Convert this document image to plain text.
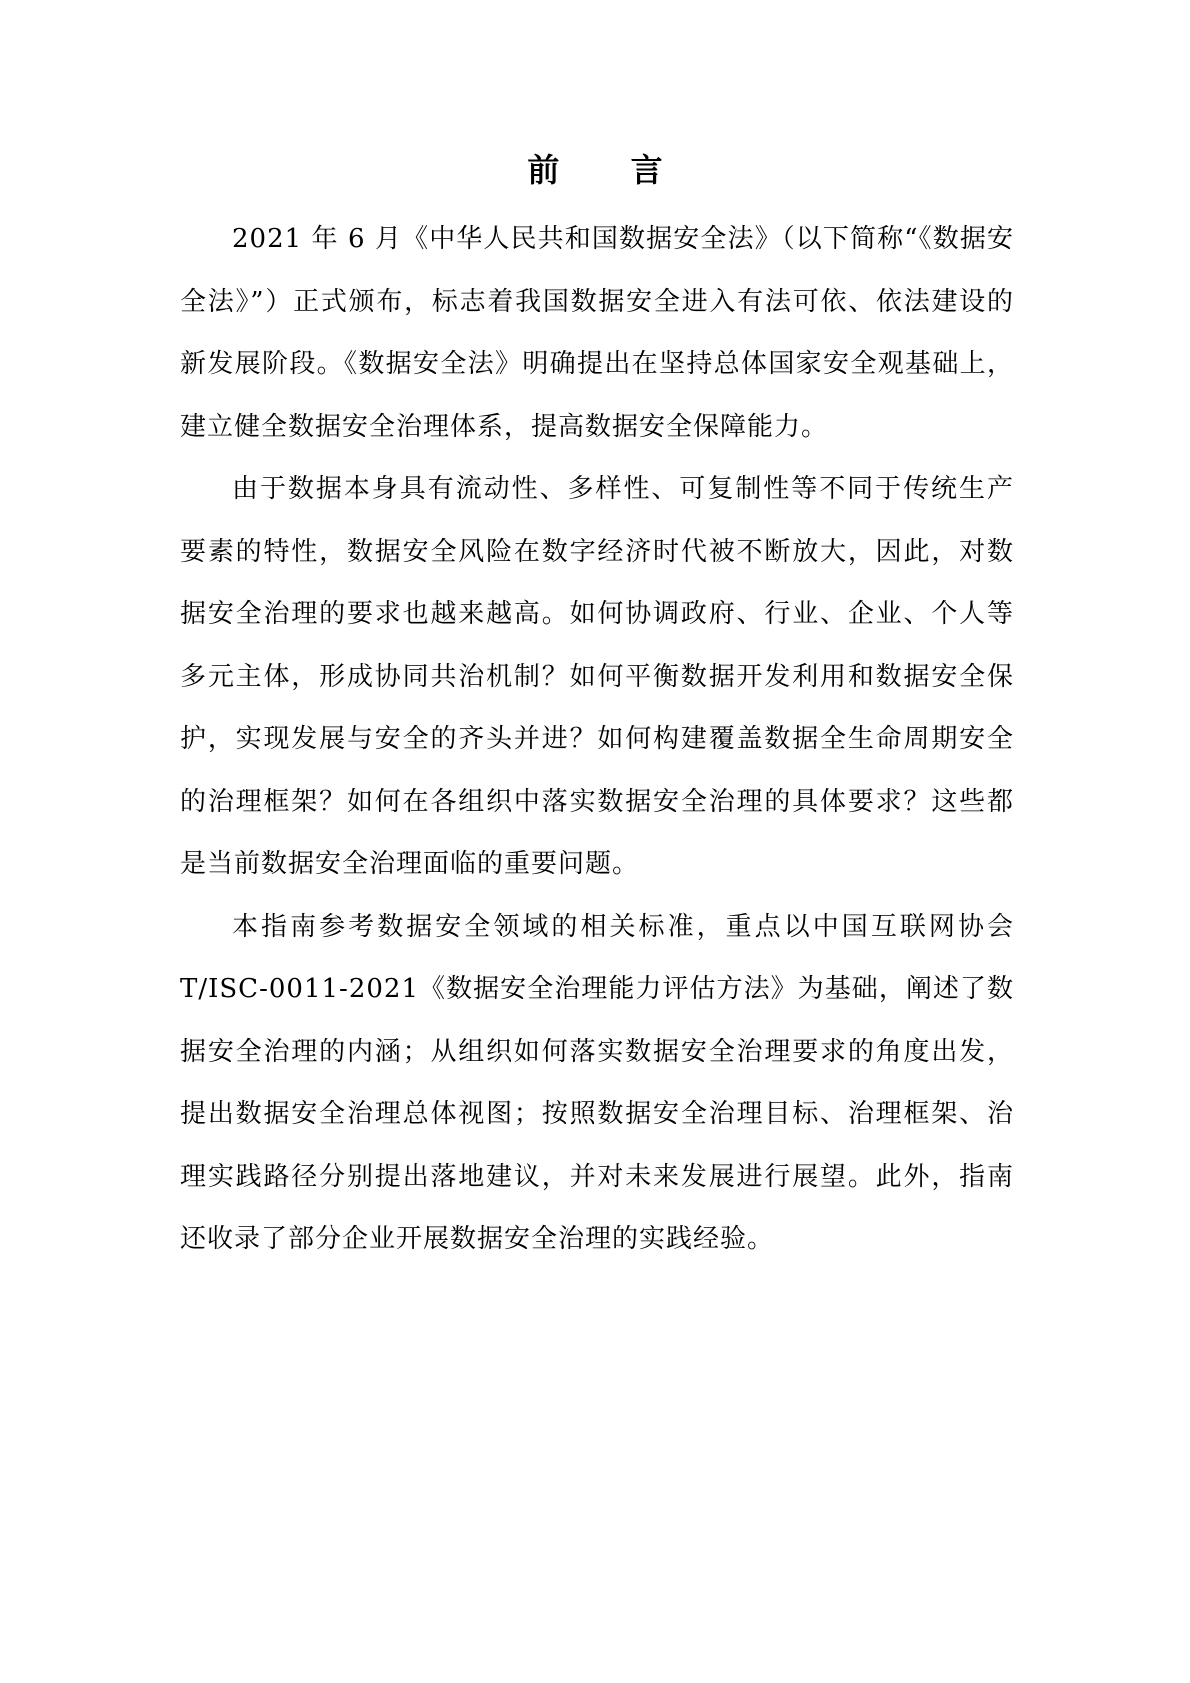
前 言

2021 年 6 月《中华人民共和国数据安全法》（以下简称“《数据安全法》”）正式颁布，标志着我国数据安全进入有法可依、依法建设的新发展阶段。《数据安全法》明确提出在坚持总体国家安全观基础上，建立健全数据安全治理体系，提高数据安全保障能力。

由于数据本身具有流动性、多样性、可复制性等不同于传统生产要素的特性，数据安全风险在数字经济时代被不断放大，因此，对数据安全治理的要求也越来越高。如何协调政府、行业、企业、个人等多元主体，形成协同共治机制？如何平衡数据开发利用和数据安全保护，实现发展与安全的齐头并进？如何构建覆盖数据全生命周期安全的治理框架？如何在各组织中落实数据安全治理的具体要求？这些都是当前数据安全治理面临的重要问题。

本指南参考数据安全领域的相关标准，重点以中国互联网协会 T/ISC-0011-2021《数据安全治理能力评估方法》为基础，阐述了数据安全治理的内涵；从组织如何落实数据安全治理要求的角度出发，提出数据安全治理总体视图；按照数据安全治理目标、治理框架、治理实践路径分别提出落地建议，并对未来发展进行展望。此外，指南还收录了部分企业开展数据安全治理的实践经验。
